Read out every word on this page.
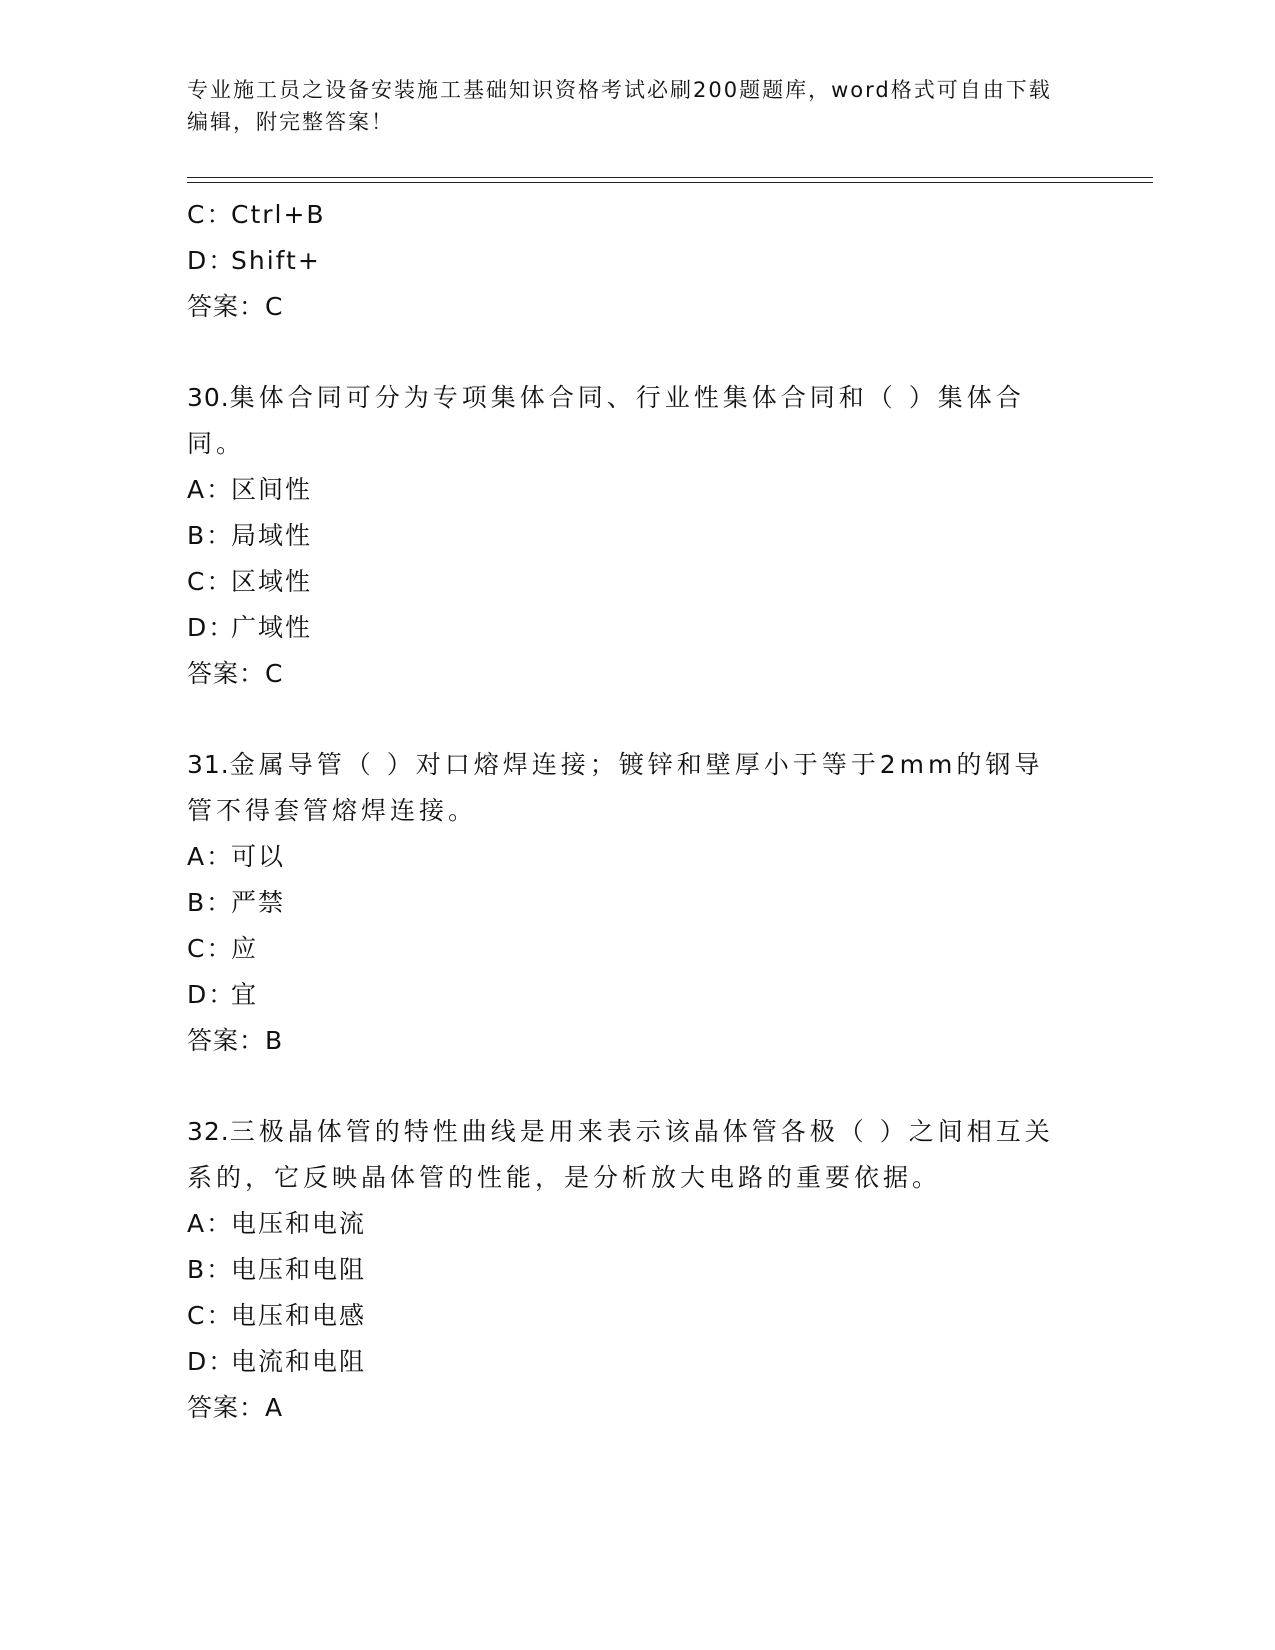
专业施工员之设备安装施工基础知识资格考试必刷200题题库，word格式可自由下载编辑，附完整答案！
C：Ctrl+B
D：Shift+
答案：C
30.集体合同可分为专项集体合同、行业性集体合同和（ ）集体合同。
A：区间性
B：局域性
C：区域性
D：广域性
答案：C
31.金属导管（ ）对口熔焊连接；镀锌和壁厚小于等于2mm的钢导管不得套管熔焊连接。
A：可以
B：严禁
C：应
D：宜
答案：B
32.三极晶体管的特性曲线是用来表示该晶体管各极（ ）之间相互关系的，它反映晶体管的性能，是分析放大电路的重要依据。
A：电压和电流
B：电压和电阻
C：电压和电感
D：电流和电阻
答案：A
